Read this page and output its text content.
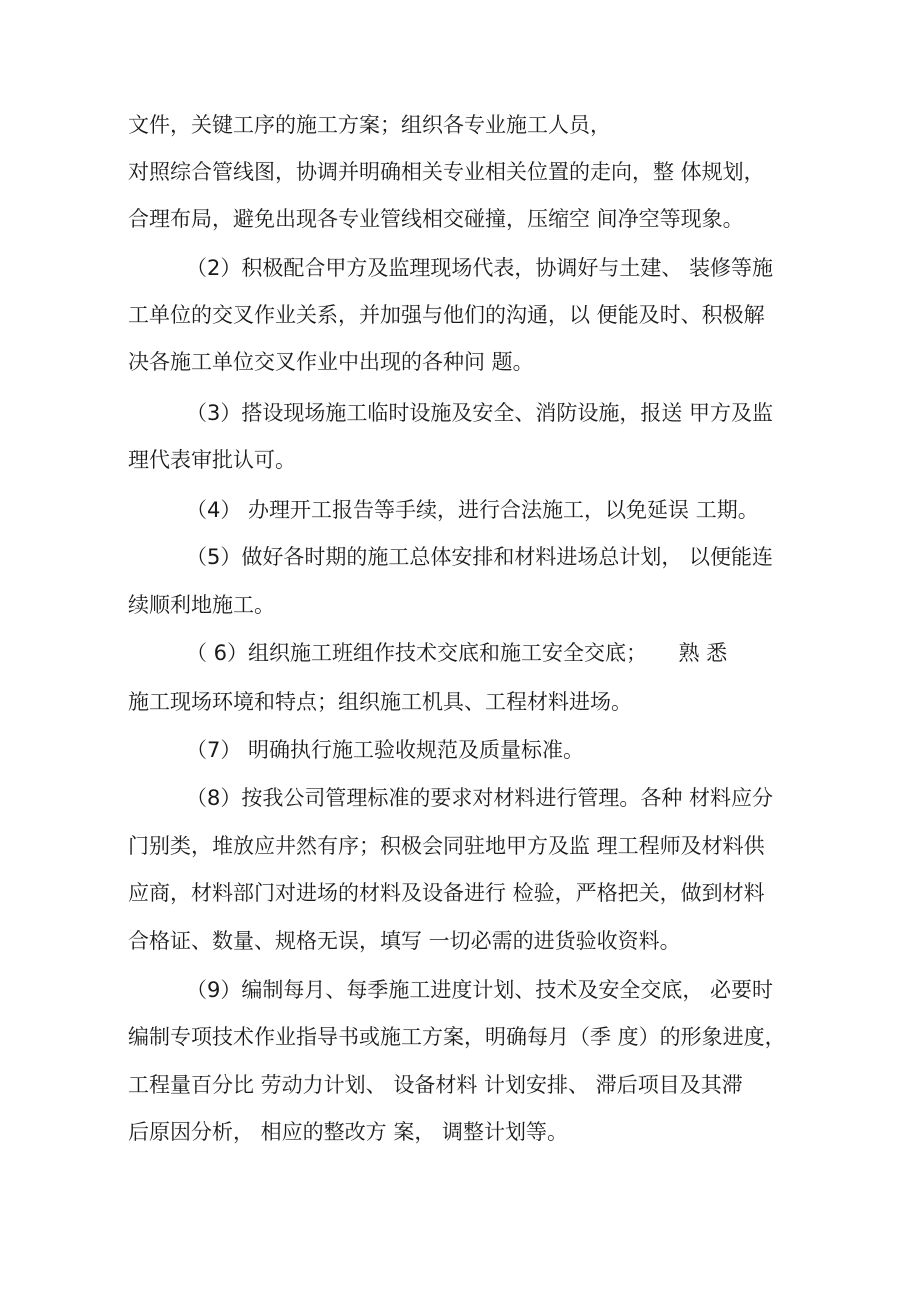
文件，关键工序的施工方案；组织各专业施工人员，
对照综合管线图，协调并明确相关专业相关位置的走向，整 体规划，
合理布局，避免出现各专业管线相交碰撞，压缩空 间净空等现象。
（2）积极配合甲方及监理现场代表，协调好与土建、 装修等施
工单位的交叉作业关系，并加强与他们的沟通，以 便能及时、积极解
决各施工单位交叉作业中出现的各种问 题。
（3）搭设现场施工临时设施及安全、消防设施，报送 甲方及监
理代表审批认可。
（4） 办理开工报告等手续，进行合法施工，以免延误 工期。
（5）做好各时期的施工总体安排和材料进场总计划， 以便能连
续顺利地施工。
（ 6）组织施工班组作技术交底和施工安全交底；　　熟 悉
施工现场环境和特点；组织施工机具、工程材料进场。
（7） 明确执行施工验收规范及质量标准。
（8）按我公司管理标准的要求对材料进行管理。各种 材料应分
门别类，堆放应井然有序；积极会同驻地甲方及监 理工程师及材料供
应商，材料部门对进场的材料及设备进行 检验，严格把关，做到材料
合格证、数量、规格无误，填写 一切必需的进货验收资料。
（9）编制每月、每季施工进度计划、技术及安全交底， 必要时
编制专项技术作业指导书或施工方案，明确每月（季 度）的形象进度，
工程量百分比 劳动力计划、 设备材料 计划安排、 滞后项目及其滞
后原因分析， 相应的整改方 案， 调整计划等。
